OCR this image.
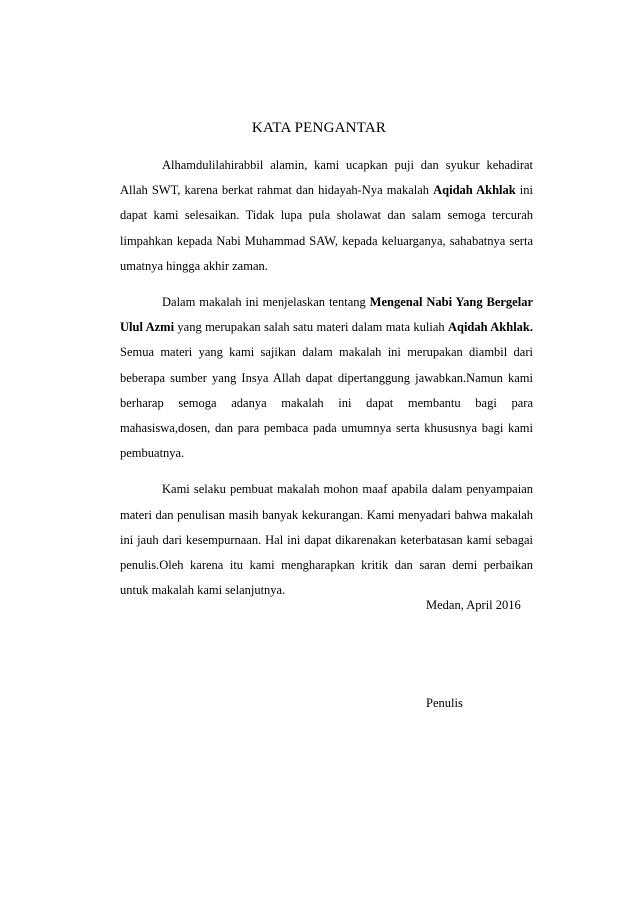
KATA PENGANTAR

Alhamdulilahirabbil alamin, kami ucapkan puji dan syukur kehadirat Allah SWT, karena berkat rahmat dan hidayah-Nya makalah Aqidah Akhlak ini dapat kami selesaikan. Tidak lupa pula sholawat dan salam semoga tercurah limpahkan kepada Nabi Muhammad SAW, kepada keluarganya, sahabatnya serta umatnya hingga akhir zaman.

Dalam makalah ini menjelaskan tentang Mengenal Nabi Yang Bergelar Ulul Azmi yang merupakan salah satu materi dalam mata kuliah Aqidah Akhlak. Semua materi yang kami sajikan dalam makalah ini merupakan diambil dari beberapa sumber yang Insya Allah dapat dipertanggung jawabkan.Namun kami berharap semoga adanya makalah ini dapat membantu bagi para mahasiswa,dosen, dan para pembaca pada umumnya serta khususnya bagi kami pembuatnya.

Kami selaku pembuat makalah mohon maaf apabila dalam penyampaian materi dan penulisan masih banyak kekurangan. Kami menyadari bahwa makalah ini jauh dari kesempurnaan. Hal ini dapat dikarenakan keterbatasan kami sebagai penulis.Oleh karena itu kami mengharapkan kritik dan saran demi perbaikan untuk makalah kami selanjutnya.

Medan, April 2016
Penulis
